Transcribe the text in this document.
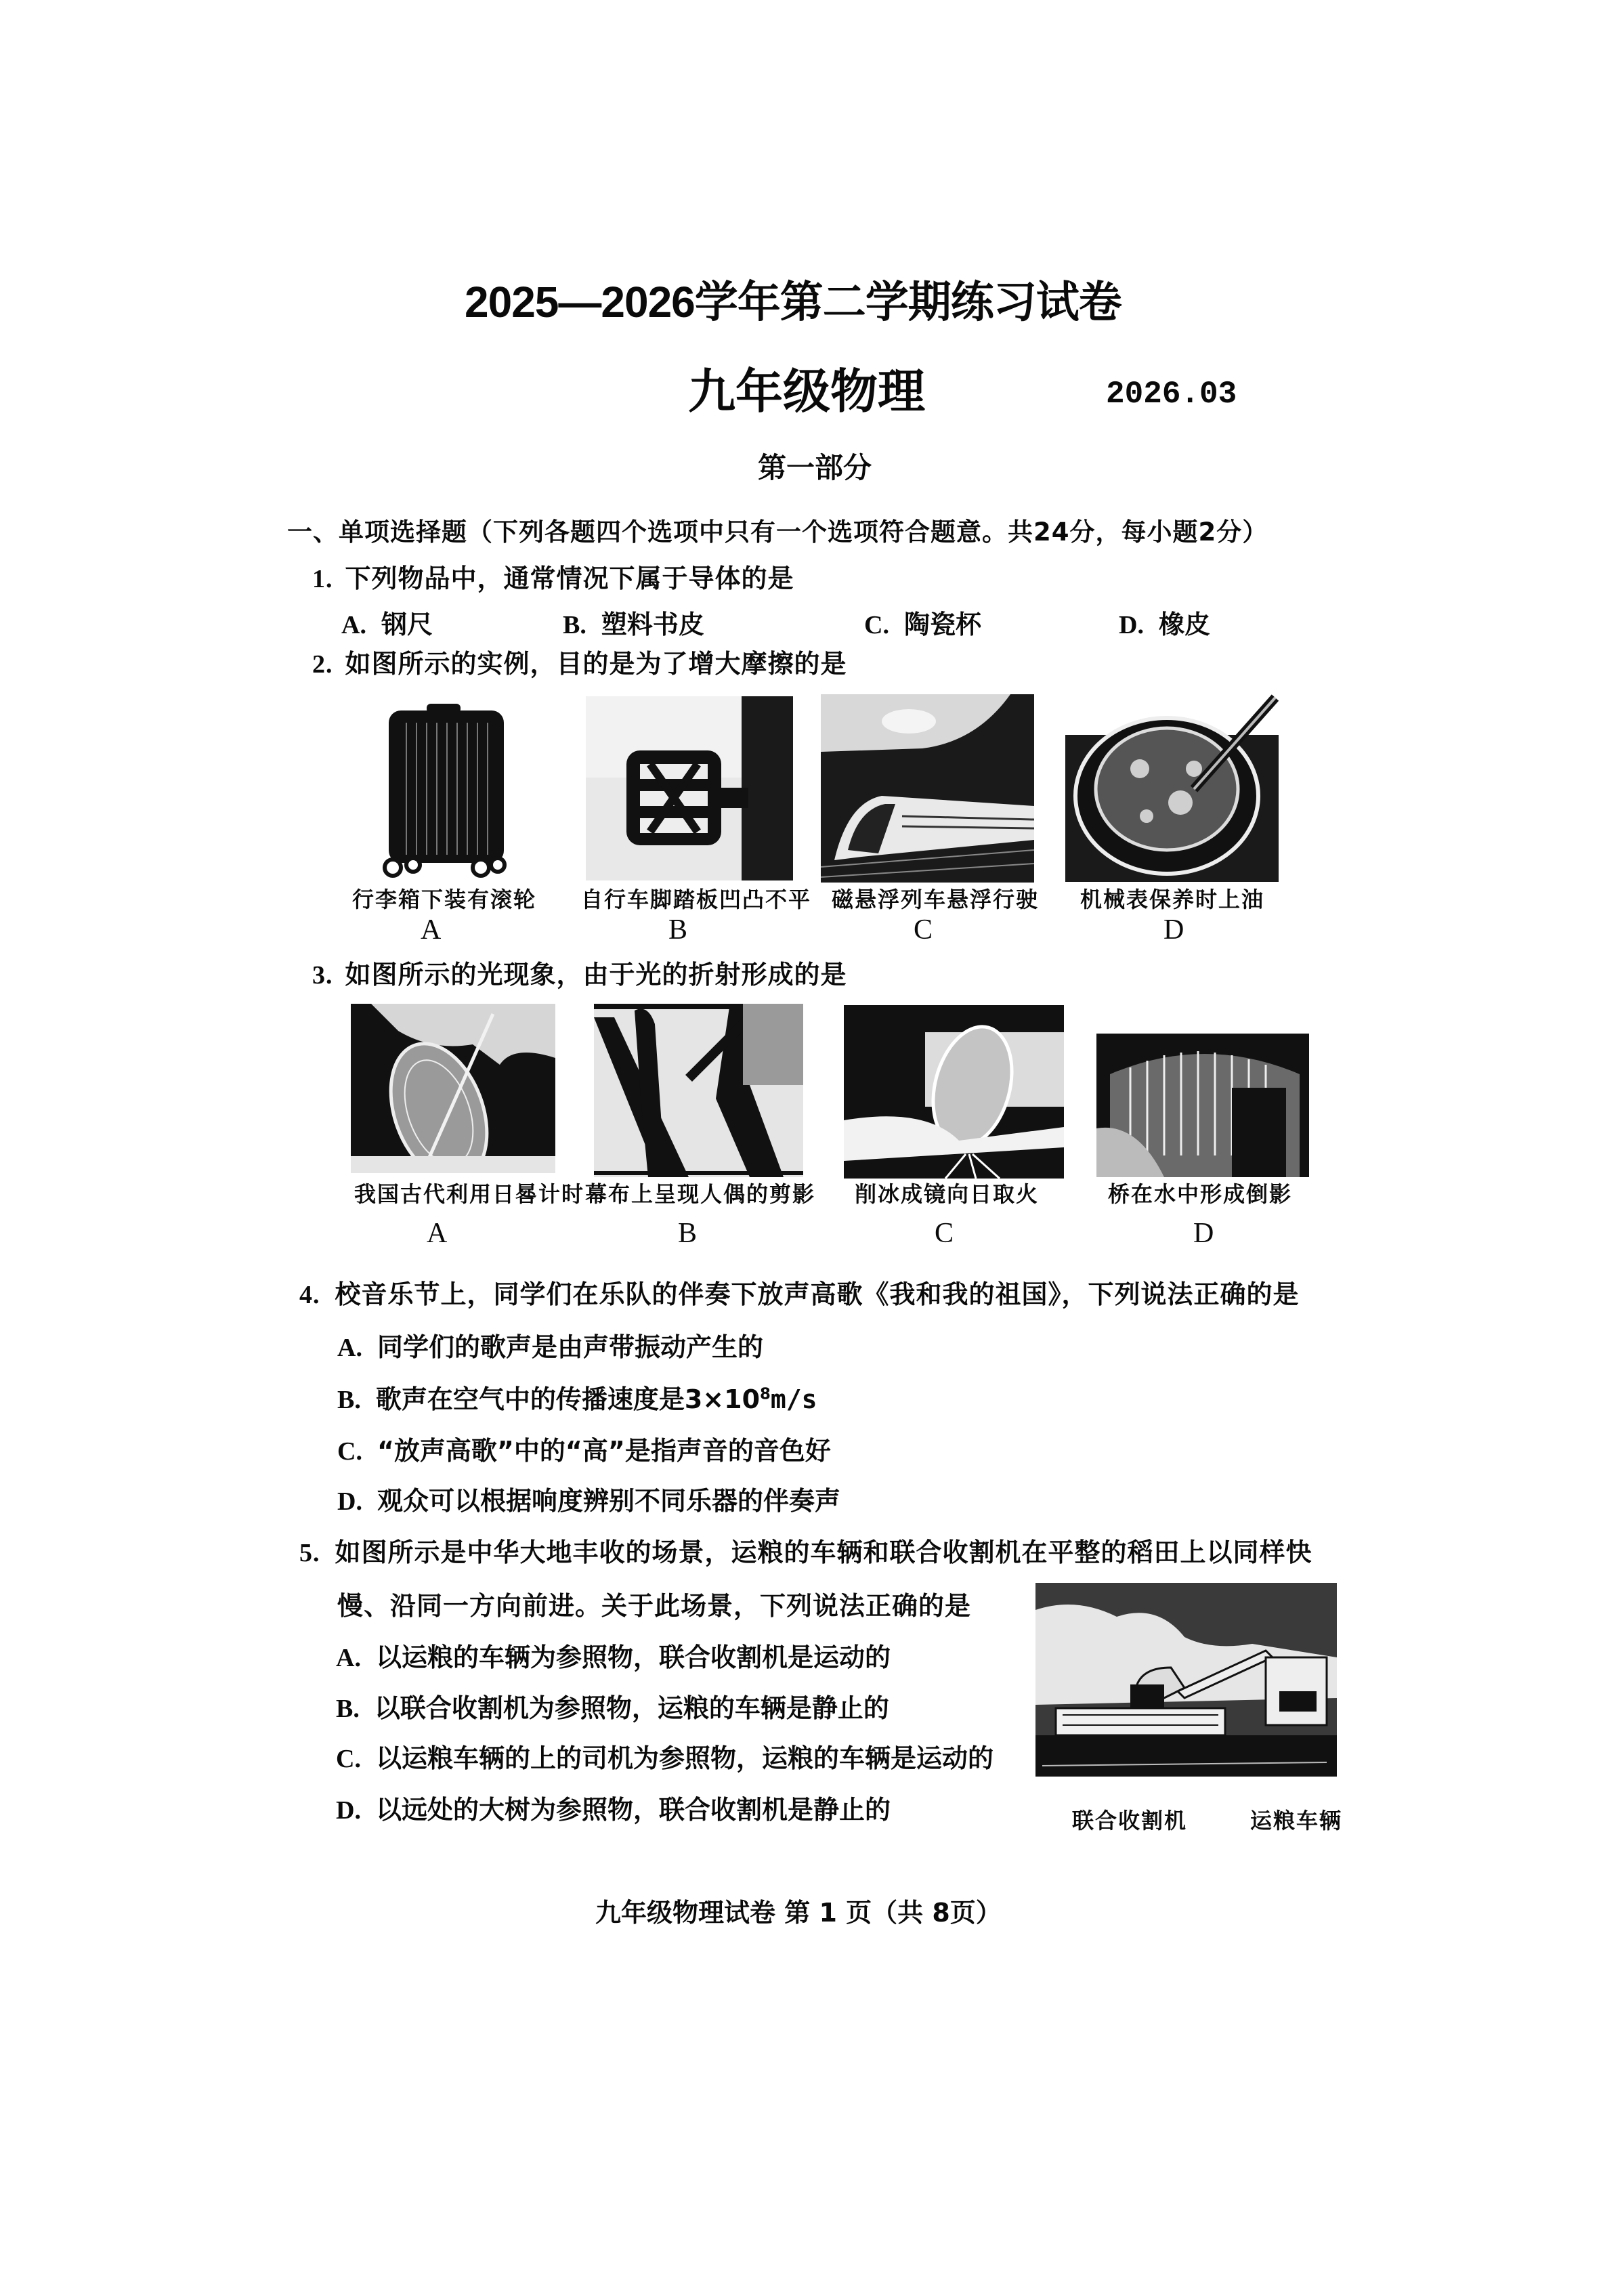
2025—2026学年第二学期练习试卷
九年级物理	2026.03
第一部分
一、单项选择题（下列各题四个选项中只有一个选项符合题意。共24分，每小题2分）
1. 下列物品中，通常情况下属于导体的是
A. 钢尺	B. 塑料书皮	C. 陶瓷杯	D. 橡皮
2. 如图所示的实例，目的是为了增大摩擦的是
行李箱下装有滚轮 自行车脚踏板凹凸不平 磁悬浮列车悬浮行驶 机械表保养时上油
A	B	C	D
3. 如图所示的光现象，由于光的折射形成的是
我国古代利用日晷计时 幕布上呈现人偶的剪影 削冰成镜向日取火	桥在水中形成倒影
A	B	C	D
4. 校音乐节上，同学们在乐队的伴奏下放声高歌《我和我的祖国》，下列说法正确的是
A. 同学们的歌声是由声带振动产生的
B. 歌声在空气中的传播速度是$3\times 10^8m/s$
C. “放声高歌”中的“高”是指声音的音色好
D. 观众可以根据响度辨别不同乐器的伴奏声
5. 如图所示是中华大地丰收的场景，运粮的车辆和联合收割机在平整的稻田上以同样快
慢、沿同一方向前进。关于此场景，下列说法正确的是
A. 以运粮的车辆为参照物，联合收割机是运动的
B. 以联合收割机为参照物，运粮的车辆是静止的
C. 以运粮车辆的上的司机为参照物，运粮的车辆是运动的
D. 以远处的大树为参照物，联合收割机是静止的	联合收割机	运粮车辆
九年级物理试卷 第 1 页（共 8页）
